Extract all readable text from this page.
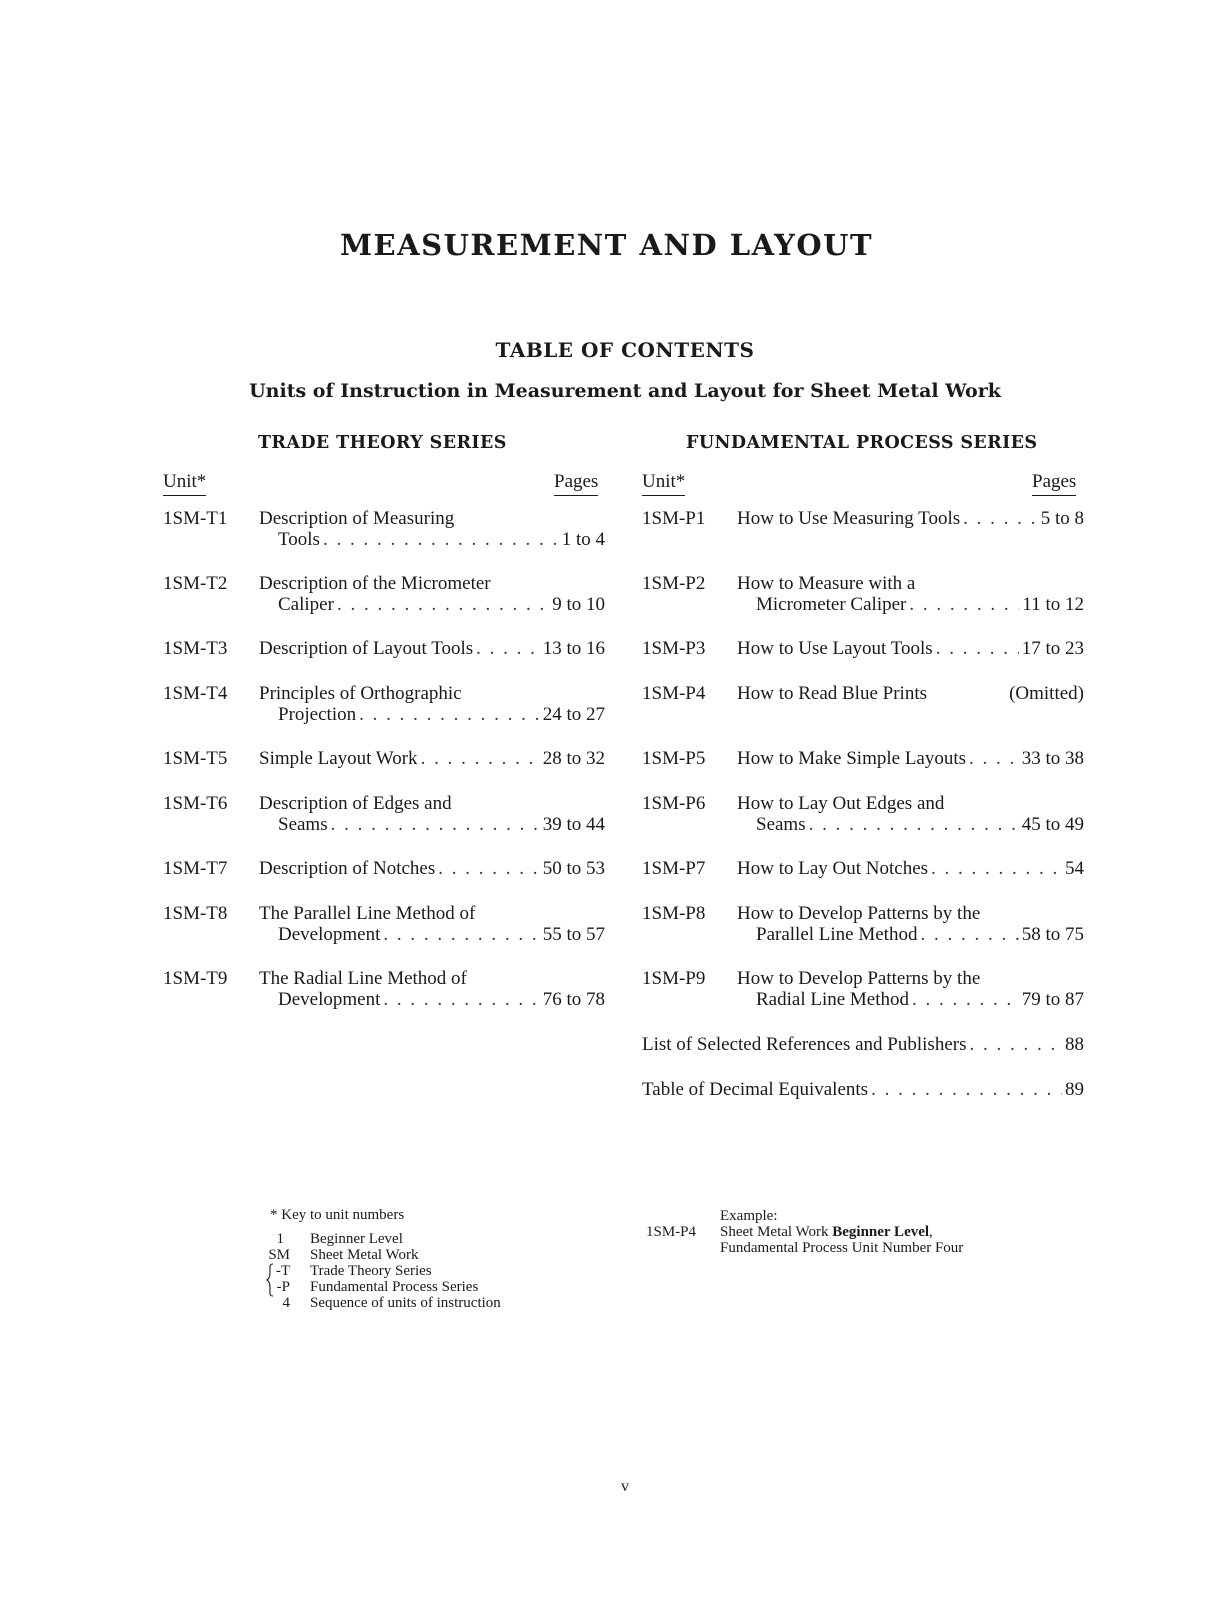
MEASUREMENT AND LAYOUT
TABLE OF CONTENTS
Units of Instruction in Measurement and Layout for Sheet Metal Work
TRADE THEORY SERIES	FUNDAMENTAL PROCESS SERIES
Unit*	Pages Unit*	Pages
1SM-T1 Description of Measuring
Tools . . .	1 to 4
1SM-T2 Description of the Micrometer
Caliper . . .	9 to 10
1SM-T3 Description of Layout Tools . . .	13 to 16
1SM-T4 Principles of Orthographic
Projection . . .	24 to 27
1SM-T5 Simple Layout Work . . .	28 to 32
1SM-T6 Description of Edges and
Seams . . .	39 to 44
1SM-T7 Description of Notches . . .	50 to 53
1SM-T8 The Parallel Line Method of
Development . . .	55 to 57
1SM-T9 The Radial Line Method of
Development . . .	76 to 78
1SM-P1 How to Use Measuring Tools . . .	5 to 8
1SM-P2 How to Measure with a
Micrometer Caliper . . .	11 to 12
1SM-P3 How to Use Layout Tools . . .	17 to 23
1SM-P4 How to Read Blue Prints	(Omitted)
1SM-P5 How to Make Simple Layouts . . .	33 to 38
1SM-P6 How to Lay Out Edges and
Seams . . .	45 to 49
1SM-P7 How to Lay Out Notches . . .	54
1SM-P8 How to Develop Patterns by the
Parallel Line Method . . .	58 to 75
1SM-P9 How to Develop Patterns by the
Radial Line Method . . .	79 to 87
List of Selected References and Publishers . . .	88
Table of Decimal Equivalents . . .	89
* Key to unit numbers
1 Beginner Level
SM Sheet Metal Work
-T Trade Theory Series
-P Fundamental Process Series
4 Sequence of units of instruction
Example:
1SM-P4 Sheet Metal Work Beginner Level,
Fundamental Process Unit Number Four
v
